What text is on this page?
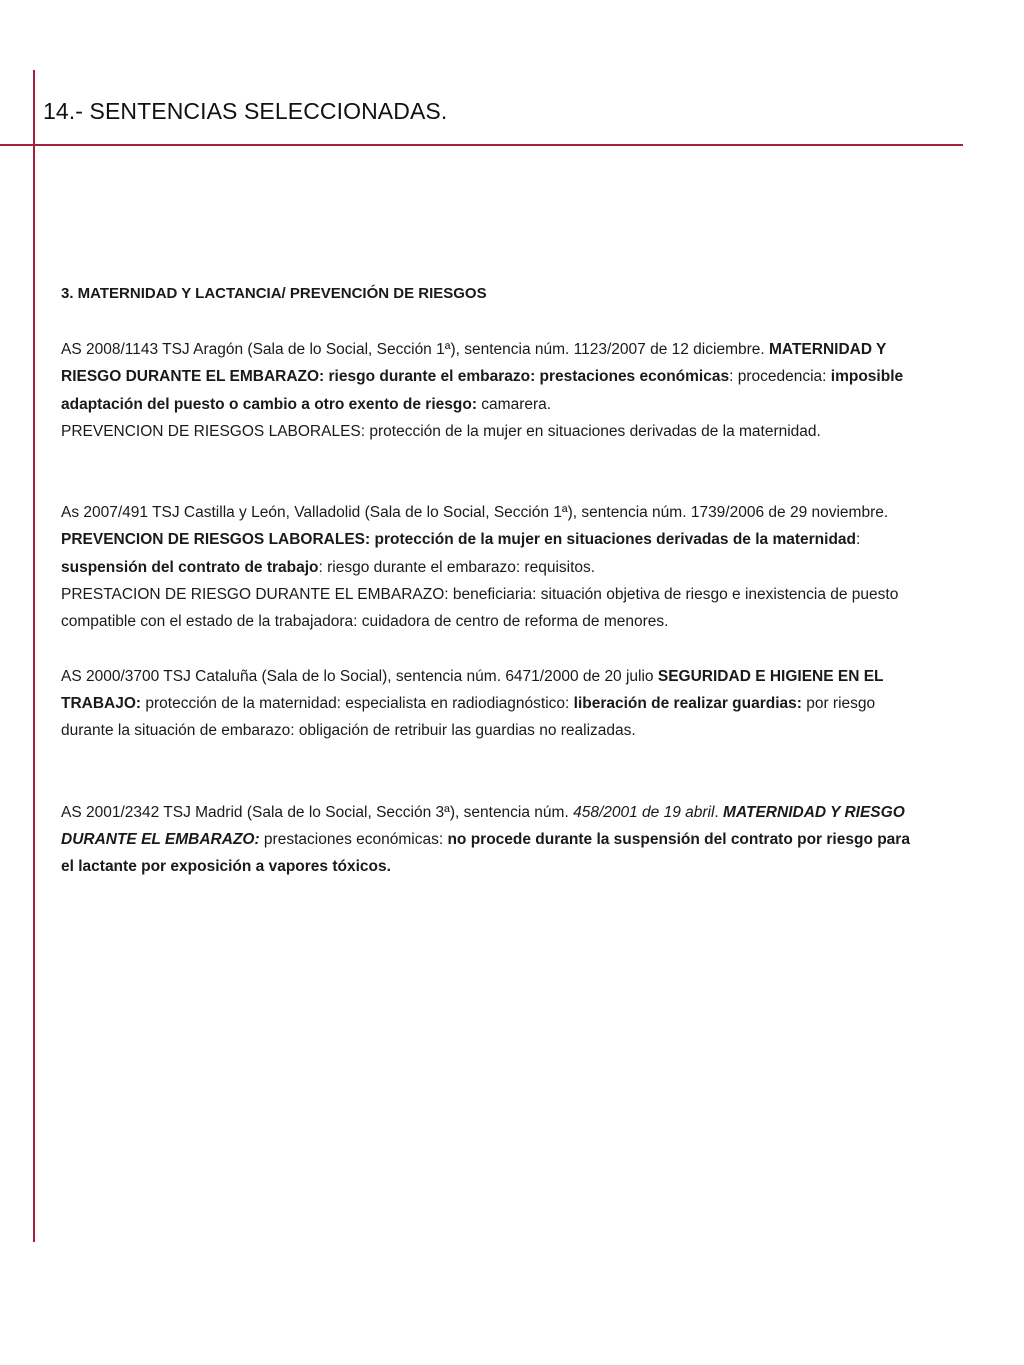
14.- SENTENCIAS SELECCIONADAS.

3. MATERNIDAD Y LACTANCIA/ PREVENCIÓN DE RIESGOS

AS 2008/1143 TSJ Aragón (Sala de lo Social, Sección 1ª), sentencia núm. 1123/2007 de 12 diciembre. MATERNIDAD Y RIESGO DURANTE EL EMBARAZO: riesgo durante el embarazo: prestaciones económicas: procedencia: imposible adaptación del puesto o cambio a otro exento de riesgo: camarera.
PREVENCION DE RIESGOS LABORALES: protección de la mujer en situaciones derivadas de la maternidad.

As 2007/491 TSJ Castilla y León, Valladolid (Sala de lo Social, Sección 1ª), sentencia núm. 1739/2006 de 29 noviembre. PREVENCION DE RIESGOS LABORALES: protección de la mujer en situaciones derivadas de la maternidad: suspensión del contrato de trabajo: riesgo durante el embarazo: requisitos.
PRESTACION DE RIESGO DURANTE EL EMBARAZO: beneficiaria: situación objetiva de riesgo e inexistencia de puesto compatible con el estado de la trabajadora: cuidadora de centro de reforma de menores.

AS 2000/3700 TSJ Cataluña (Sala de lo Social), sentencia núm. 6471/2000 de 20 julio SEGURIDAD E HIGIENE EN EL TRABAJO: protección de la maternidad: especialista en radiodiagnóstico: liberación de realizar guardias: por riesgo durante la situación de embarazo: obligación de retribuir las guardias no realizadas.

AS 2001/2342 TSJ Madrid (Sala de lo Social, Sección 3ª), sentencia núm. 458/2001 de 19 abril. MATERNIDAD Y RIESGO DURANTE EL EMBARAZO: prestaciones económicas: no procede durante la suspensión del contrato por riesgo para el lactante por exposición a vapores tóxicos.
